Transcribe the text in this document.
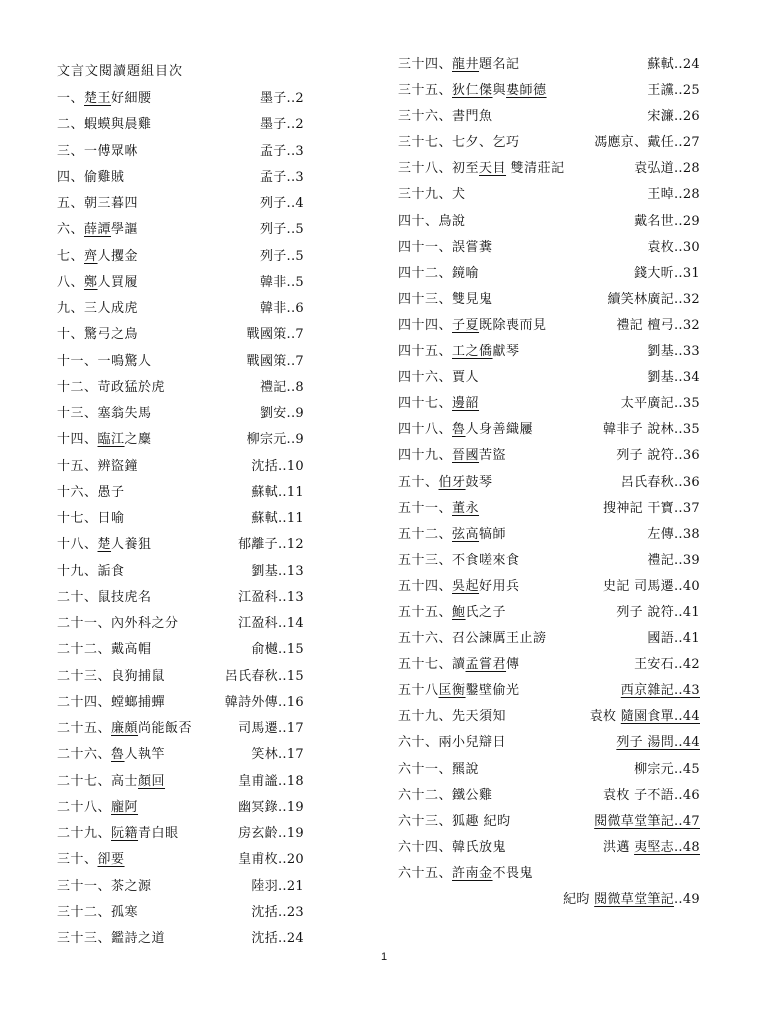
文言文閱讀題組目次
一、楚王好細腰	墨子..2
二、蝦蟆與晨雞	墨子..2
三、一傅眾咻	孟子..3
四、偷雞賊	孟子..3
五、朝三暮四	列子..4
六、薛譚學謳	列子..5
七、齊人攫金	列子..5
八、鄭人買履	韓非..5
九、三人成虎	韓非..6
十、驚弓之鳥	戰國策..7
十一、一鳴驚人	戰國策..7
十二、苛政猛於虎	禮記..8
十三、塞翁失馬	劉安..9
十四、臨江之麋	柳宗元..9
十五、辨盜鐘	沈括..10
十六、愚子	蘇軾..11
十七、日喻	蘇軾..11
十八、楚人養狙	郁離子..12
十九、詬食	劉基..13
二十、鼠技虎名	江盈科..13
二十一、內外科之分	江盈科..14
二十二、戴高帽	俞樾..15
二十三、良狗捕鼠	呂氏春秋..15
二十四、螳螂捕蟬	韓詩外傳..16
二十五、廉頗尚能飯否	司馬遷..17
二十六、魯人執竿	笑林..17
二十七、高士顏回	皇甫謐..18
二十八、龐阿	幽冥錄..19
二十九、阮籍青白眼	房玄齡..19
三十、卻要	皇甫枚..20
三十一、茶之源	陸羽..21
三十二、孤寒	沈括..23
三十三、鑑詩之道	沈括..24
三十四、龍井題名記	蘇軾..24
三十五、狄仁傑與婁師德	王讜..25
三十六、書門魚	宋濂..26
三十七、七夕、乞巧	馮應京、戴任..27
三十八、初至天目 雙清莊記	袁弘道..28
三十九、犬	王晫..28
四十、鳥說	戴名世..29
四十一、誤嘗糞	袁枚..30
四十二、鏡喻	錢大昕..31
四十三、雙見鬼	續笑林廣記..32
四十四、子夏既除喪而見	禮記 檀弓..32
四十五、工之僑獻琴	劉基..33
四十六、賈人	劉基..34
四十七、邊韶	太平廣記..35
四十八、魯人身善織屨	韓非子 說林..35
四十九、晉國苦盜	列子 說符..36
五十、伯牙鼓琴	呂氏春秋..36
五十一、董永	搜神記 干寶..37
五十二、弦高犒師	左傳..38
五十三、不食嗟來食	禮記..39
五十四、吳起好用兵	史記 司馬遷..40
五十五、鮑氏之子	列子 說符..41
五十六、召公諫厲王止謗	國語..41
五十七、讀孟嘗君傳	王安石..42
五十八匡衡鑿壁偷光	西京雜記..43
五十九、先天須知	袁枚 隨園食單..44
六十、兩小兒辯日	列子 湯問..44
六十一、羆說	柳宗元..45
六十二、鐵公雞	袁枚 子不語..46
六十三、狐趣 紀昀	閱微草堂筆記..47
六十四、韓氏放鬼	洪邁 夷堅志..48
六十五、許南金不畏鬼
紀昀 閱微草堂筆記..49
1
